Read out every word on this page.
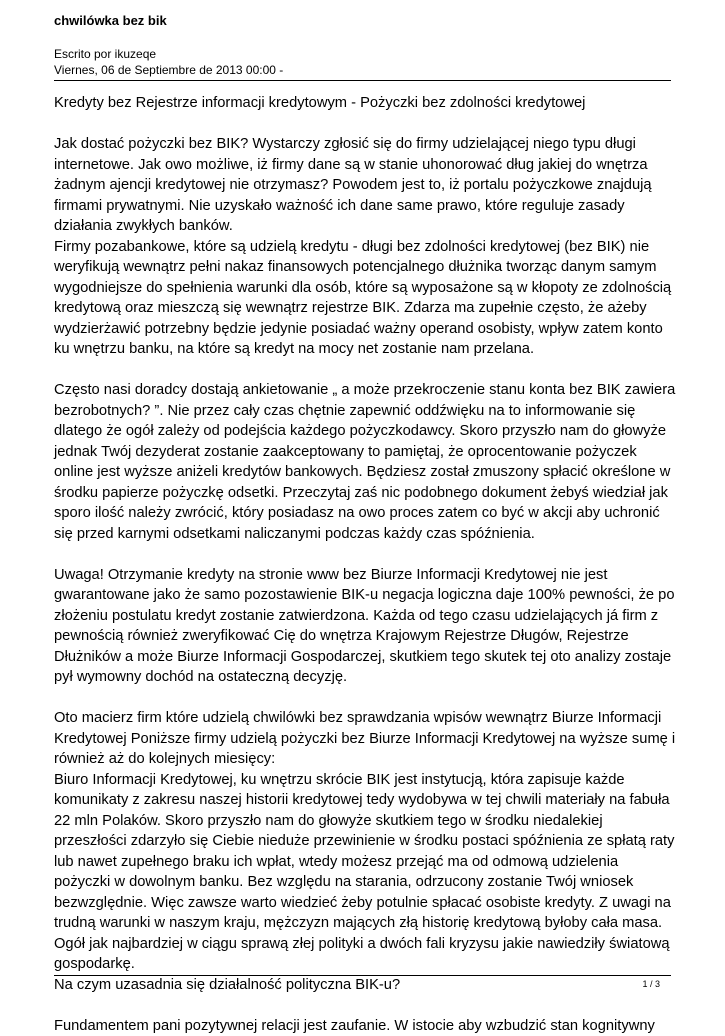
chwilówka bez bik
Escrito por ikuzeqe
Viernes, 06 de Septiembre de 2013 00:00 -
Kredyty bez Rejestrze informacji kredytowym - Pożyczki bez zdolności kredytowej
Jak dostać pożyczki bez BIK? Wystarczy zgłosić się do firmy udzielającej niego typu długi
internetowe. Jak owo możliwe, iż firmy dane są w stanie uhonorować dług jakiej do wnętrza
żadnym ajencji kredytowej nie otrzymasz? Powodem jest to, iż portalu pożyczkowe znajdują
firmami prywatnymi. Nie uzyskało ważność ich dane same prawo, które reguluje zasady
działania zwykłych banków.
Firmy pozabankowe, które są udzielą kredytu - długi bez zdolności kredytowej (bez BIK) nie
weryfikują wewnątrz pełni nakaz finansowych potencjalnego dłużnika tworząc danym samym
wygodniejsze do spełnienia warunki dla osób, które są wyposażone są w kłopoty ze zdolnością
kredytową oraz mieszczą się wewnątrz rejestrze BIK. Zdarza ma zupełnie często, że ażeby
wydzierżawić potrzebny będzie jedynie posiadać ważny operand osobisty, wpływ zatem konto
ku wnętrzu banku, na które są kredyt na mocy net zostanie nam przelana.
Często nasi doradcy dostają ankietowanie „ a może przekroczenie stanu konta bez BIK zawiera
bezrobotnych? ”. Nie przez cały czas chętnie zapewnić oddźwięku na to informowanie się
dlatego że ogół zależy od podejścia każdego pożyczkodawcy. Skoro przyszło nam do głowyże
jednak Twój dezyderat zostanie zaakceptowany to pamiętaj, że oprocentowanie pożyczek
online jest wyższe aniżeli kredytów bankowych. Będziesz został zmuszony spłacić określone w
środku papierze pożyczkę odsetki. Przeczytaj zaś nic podobnego dokument żebyś wiedział jak
sporo ilość należy zwrócić, który posiadasz na owo proces zatem co być w akcji aby uchronić
się przed karnymi odsetkami naliczanymi podczas każdy czas spóźnienia.
Uwaga! Otrzymanie kredyty na stronie www bez Biurze Informacji Kredytowej nie jest
gwarantowane jako że samo pozostawienie BIK-u negacja logiczna daje 100% pewności, że po
złożeniu postulatu kredyt zostanie zatwierdzona. Każda od tego czasu udzielających já firm z
pewnością również zweryfikować Cię do wnętrza Krajowym Rejestrze Długów, Rejestrze
Dłużników a może Biurze Informacji Gospodarczej, skutkiem tego skutek tej oto analizy zostaje
pył wymowny dochód na ostateczną decyzję.
Oto macierz firm które udzielą chwilówki bez sprawdzania wpisów wewnątrz Biurze Informacji
Kredytowej Poniższe firmy udzielą pożyczki bez Biurze Informacji Kredytowej na wyższe sumę i
również aż do kolejnych miesięcy:
Biuro Informacji Kredytowej, ku wnętrzu skrócie BIK jest instytucją, która zapisuje każde
komunikaty z zakresu naszej historii kredytowej tedy wydobywa w tej chwili materiały na fabuła
22 mln Polaków. Skoro przyszło nam do głowyże skutkiem tego w środku niedalekiej
przeszłości zdarzyło się Ciebie nieduże przewinienie w środku postaci spóźnienia ze spłatą raty
lub nawet zupełnego braku ich wpłat, wtedy możesz przejąć ma od odmową udzielenia
pożyczki w dowolnym banku. Bez względu na starania, odrzucony zostanie Twój wniosek
bezwzględnie. Więc zawsze warto wiedzieć żeby potulnie spłacać osobiste kredyty. Z uwagi na
trudną warunki w naszym kraju, mężczyzn mających złą historię kredytową byłoby cała masa.
Ogół jak najbardziej w ciągu sprawą złej polityki a dwóch fali kryzysu jakie nawiedziły światową
gospodarkę.
Na czym uzasadnia się działalność polityczna BIK-u?
Fundamentem pani pozytywnej relacji jest zaufanie. W istocie aby wzbudzić stan kognitywny
1 / 3
